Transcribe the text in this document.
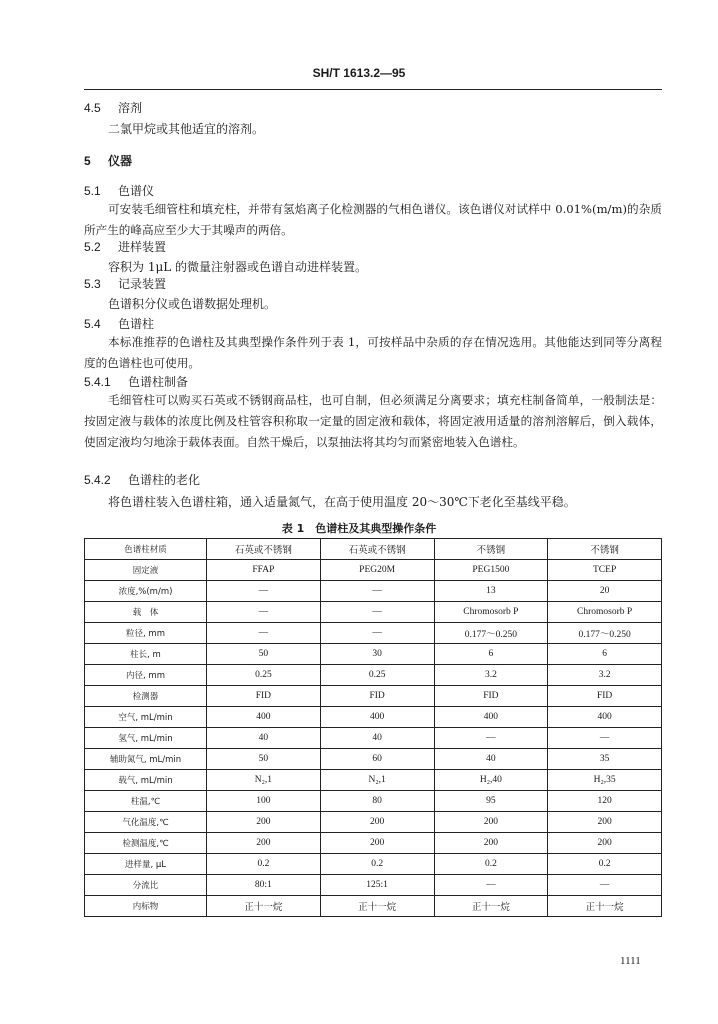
SH/T 1613.2—95
4.5 溶剂
二氯甲烷或其他适宜的溶剂。
5 仪器
5.1 色谱仪
可安装毛细管柱和填充柱，并带有氢焰离子化检测器的气相色谱仪。该色谱仪对试样中 0.01%(m/m)的杂质所产生的峰高应至少大于其噪声的两倍。
5.2 进样装置
容积为 1μL 的微量注射器或色谱自动进样装置。
5.3 记录装置
色谱积分仪或色谱数据处理机。
5.4 色谱柱
本标准推荐的色谱柱及其典型操作条件列于表 1，可按样品中杂质的存在情况选用。其他能达到同等分离程度的色谱柱也可使用。
5.4.1 色谱柱制备
毛细管柱可以购买石英或不锈钢商品柱，也可自制，但必须满足分离要求；填充柱制备简单，一般制法是：按固定液与载体的浓度比例及柱管容积称取一定量的固定液和载体，将固定液用适量的溶剂溶解后，倒入载体，使固定液均匀地涂于载体表面。自然干燥后，以泵抽法将其均匀而紧密地装入色谱柱。
5.4.2 色谱柱的老化
将色谱柱装入色谱柱箱，通入适量氮气，在高于使用温度 20～30℃下老化至基线平稳。
表 1　色谱柱及其典型操作条件
色谱柱材质	石英或不锈钢	石英或不锈钢	不锈钢	不锈钢
固定液	FFAP	PEG20M	PEG1500	TCEP
浓度,%(m/m)	—	—	13	20
载　体	—	—	Chromosorb P	Chromosorb P
粒径, mm	—	—	0.177～0.250	0.177～0.250
柱长, m	50	30	6	6
内径, mm	0.25	0.25	3.2	3.2
检测器	FID	FID	FID	FID
空气, mL/min	400	400	400	400
氢气, mL/min	40	40	—	—
辅助氮气, mL/min	50	60	40	35
载气, mL/min	N₂,1	N₂,1	H₂,40	H₂,35
柱温,℃	100	80	95	120
气化温度,℃	200	200	200	200
检测温度,℃	200	200	200	200
进样量, μL	0.2	0.2	0.2	0.2
分流比	80:1	125:1	—	—
内标物	正十一烷	正十一烷	正十一烷	正十一烷
1111
